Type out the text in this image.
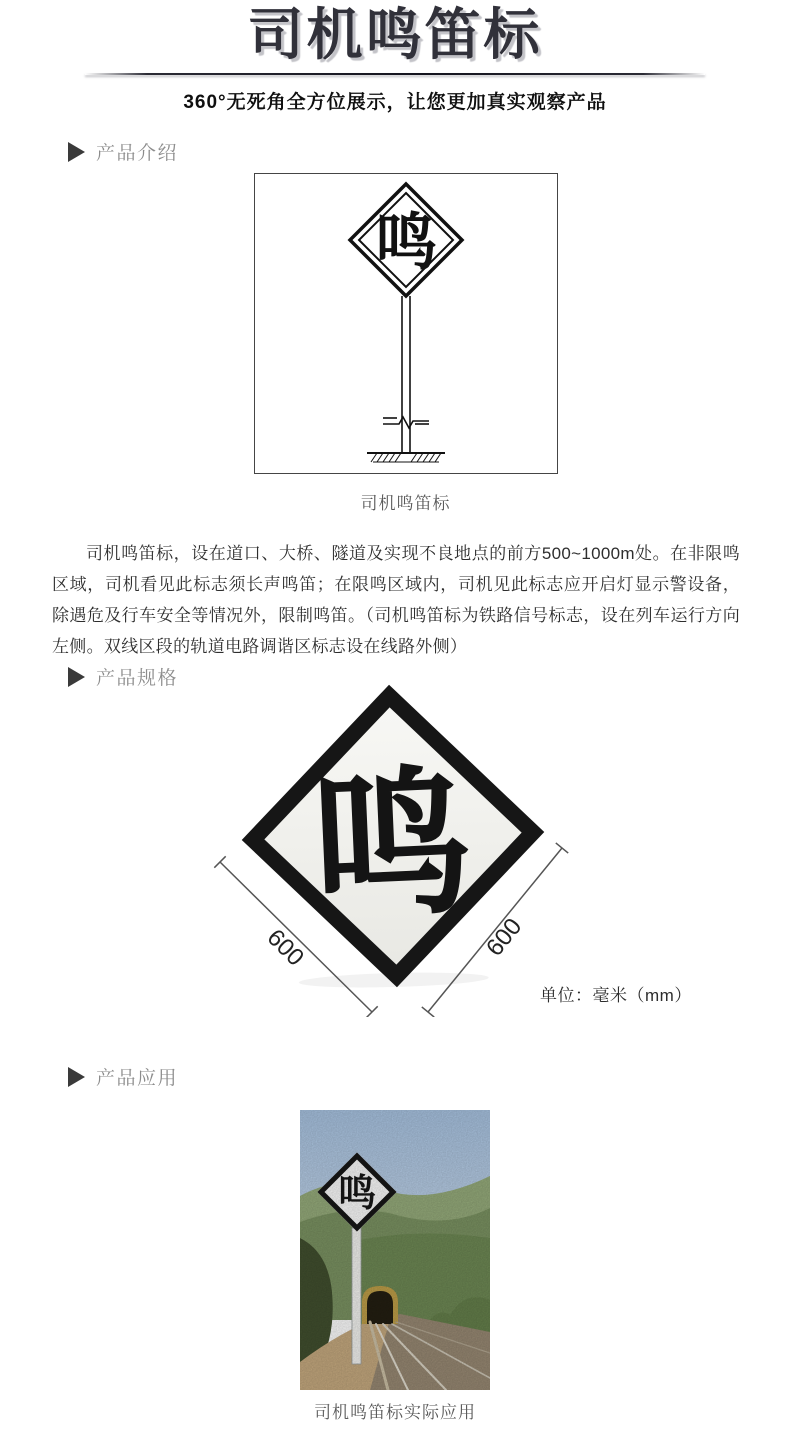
司机鸣笛标
360°无死角全方位展示，让您更加真实观察产品
产品介绍
鸣
司机鸣笛标

司机鸣笛标，设在道口、大桥、隧道及实现不良地点的前方500~1000m处。在非限鸣区域，司机看见此标志须长声鸣笛；在限鸣区域内，司机见此标志应开启灯显示警设备，除遇危及行车安全等情况外，限制鸣笛。（司机鸣笛标为铁路信号标志，设在列车运行方向左侧。双线区段的轨道电路调谐区标志设在线路外侧）

产品规格
鸣
600	600
单位：毫米（mm）
产品应用
鸣
司机鸣笛标实际应用
